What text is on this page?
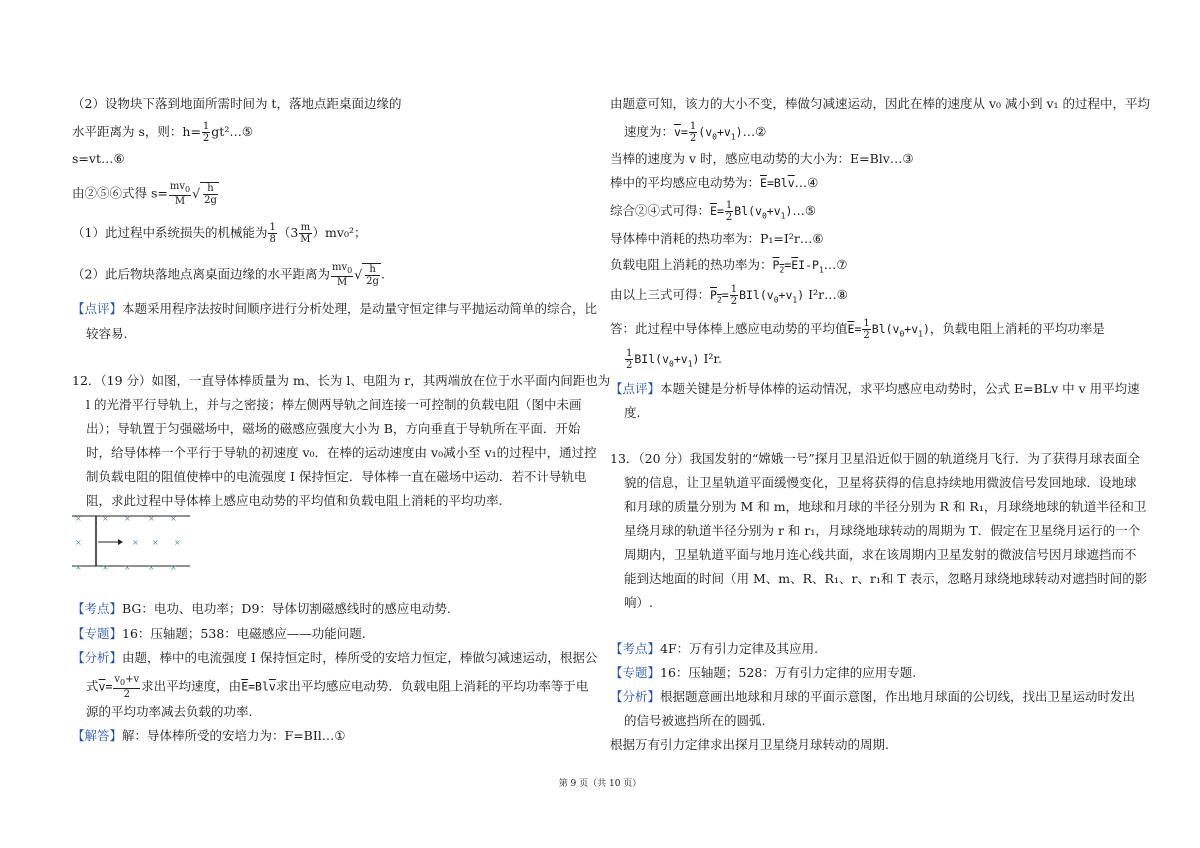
（2）设物块下落到地面所需时间为 t，落地点距桌面边缘的
水平距离为 s，则：$h= \frac{1}{2}$ gt²…⑤
s=vt…⑥
由②⑤⑥式得 $s= \frac{mv_0}{M}$ √ $\frac{h}{2g}$
（1）此过程中系统损失的机械能为 $\frac{1}{8} (3 \frac{m}{M} )mv_0^2$；
（2）此后物块落地点离桌面边缘的水平距离为 $\frac{mv_0}{M}$ √ $\frac{h}{2g}$ .
【点评】本题采用程序法按时间顺序进行分析处理，是动量守恒定律与平抛运动简单的综合，比
较容易.
12．（19 分）如图，一直导体棒质量为 m、长为 l、电阻为 r，其两端放在位于水平面内间距也为
l 的光滑平行导轨上，并与之密接；棒左侧两导轨之间连接一可控制的负载电阻（图中未画
出）；导轨置于匀强磁场中，磁场的磁感应强度大小为 B，方向垂直于导轨所在平面．开始
时，给导体棒一个平行于导轨的初速度 v₀．在棒的运动速度由 v₀减小至 v₁的过程中，通过控
制负载电阻的阻值使棒中的电流强度 I 保持恒定．导体棒一直在磁场中运动．若不计导轨电
阻，求此过程中导体棒上感应电动势的平均值和负载电阻上消耗的平均功率.
【考点】BG：电功、电功率；D9：导体切割磁感线时的感应电动势.
【专题】16：压轴题；538：电磁感应——功能问题.
【分析】由题，棒中的电流强度 I 保持恒定时，棒所受的安培力恒定，棒做匀减速运动，根据公
式$\overline{v}= \frac{v_0+v}{2}$ 求出平均速度，由$\overline{E}=Bl\overline{v}$求出平均感应电动势．负载电阻上消耗的平均功率等于电
源的平均功率减去负载的功率.
【解答】解：导体棒所受的安培力为：F=BIl…①
×	× × × ×
×	× × ×
×	× × × ×
由题意可知，该力的大小不变，棒做匀减速运动，因此在棒的速度从 v₀ 减小到 v₁ 的过程中，平均
速度为：$\overline{v}= \frac{1}{2}$ $(v_0+v_1)\dots ②$
当棒的速度为 v 时，感应电动势的大小为：E=Blv…③
棒中的平均感应电动势为：$\overline{E}=Bl\overline{v}\dots ④$
综合②④式可得：$\overline{E}= \frac{1}{2}$ $Bl(v_0+v_1)\dots ⑤$
导体棒中消耗的热功率为：P₁=I²r…⑥
负载电阻上消耗的热功率为：$P_2=\overline{E}I-P_1\dots ⑦$
由以上三式可得：$P_2= \frac{1}{2} BIl(v_0+v_1)$ I²r…⑧
答：此过程中导体棒上感应电动势的平均值$\overline{E}= \frac{1}{2} Bl(v_0+v_1)$，负载电阻上消耗的平均功率是
$\frac{1}{2} BIl(v_0+v_1)$ I²r.
【点评】本题关键是分析导体棒的运动情况，求平均感应电动势时，公式 E=BLv 中 v 用平均速
度.
13．（20 分）我国发射的“嫦娥一号”探月卫星沿近似于圆的轨道绕月飞行．为了获得月球表面全
貌的信息，让卫星轨道平面缓慢变化，卫星将获得的信息持续地用微波信号发回地球．设地球
和月球的质量分别为 M 和 m，地球和月球的半径分别为 R 和 R₁，月球绕地球的轨道半径和卫
星绕月球的轨道半径分别为 r 和 r₁，月球绕地球转动的周期为 T．假定在卫星绕月运行的一个
周期内，卫星轨道平面与地月连心线共面，求在该周期内卫星发射的微波信号因月球遮挡而不
能到达地面的时间（用 M、m、R、R₁、r、r₁和 T 表示，忽略月球绕地球转动对遮挡时间的影
响）.
【考点】4F：万有引力定律及其应用.
【专题】16：压轴题；528：万有引力定律的应用专题.
【分析】根据题意画出地球和月球的平面示意图，作出地月球面的公切线，找出卫星运动时发出
的信号被遮挡所在的圆弧.
根据万有引力定律求出探月卫星绕月球转动的周期.
第 9 页（共 10 页）
